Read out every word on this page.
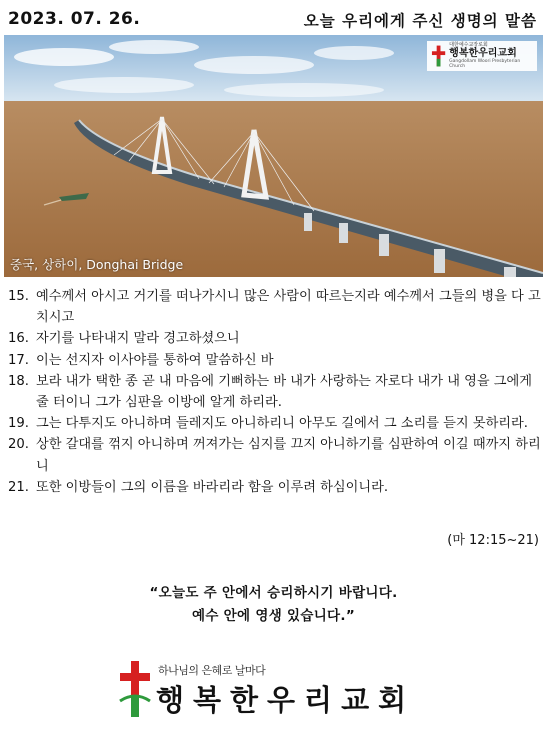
2023. 07. 26.	오늘 우리에게 주신 생명의 말씀
대한예수교장로회
행복한우리교회
Gangdollam Woori Presbyterian Church
중국, 상하이, Donghai Bridge
15. 예수께서 아시고 거기를 떠나가시니 많은 사람이 따르는지라 예수께서 그들의 병을 다 고치시고
16. 자기를 나타내지 말라 경고하셨으니
17. 이는 선지자 이사야를 통하여 말씀하신 바
18. 보라 내가 택한 종 곧 내 마음에 기뻐하는 바 내가 사랑하는 자로다 내가 내 영을 그에게 줄 터이니 그가 심판을 이방에 알게 하리라.
19. 그는 다투지도 아니하며 들레지도 아니하리니 아무도 길에서 그 소리를 듣지 못하리라.
20. 상한 갈대를 꺾지 아니하며 꺼져가는 심지를 끄지 아니하기를 심판하여 이길 때까지 하리니
21. 또한 이방들이 그의 이름을 바라리라 함을 이루려 하심이니라.
(마 12:15~21)
“오늘도 주 안에서 승리하시기 바랍니다.
예수 안에 영생 있습니다.”
하나님의 은혜로 날마다
행복한우리교회
